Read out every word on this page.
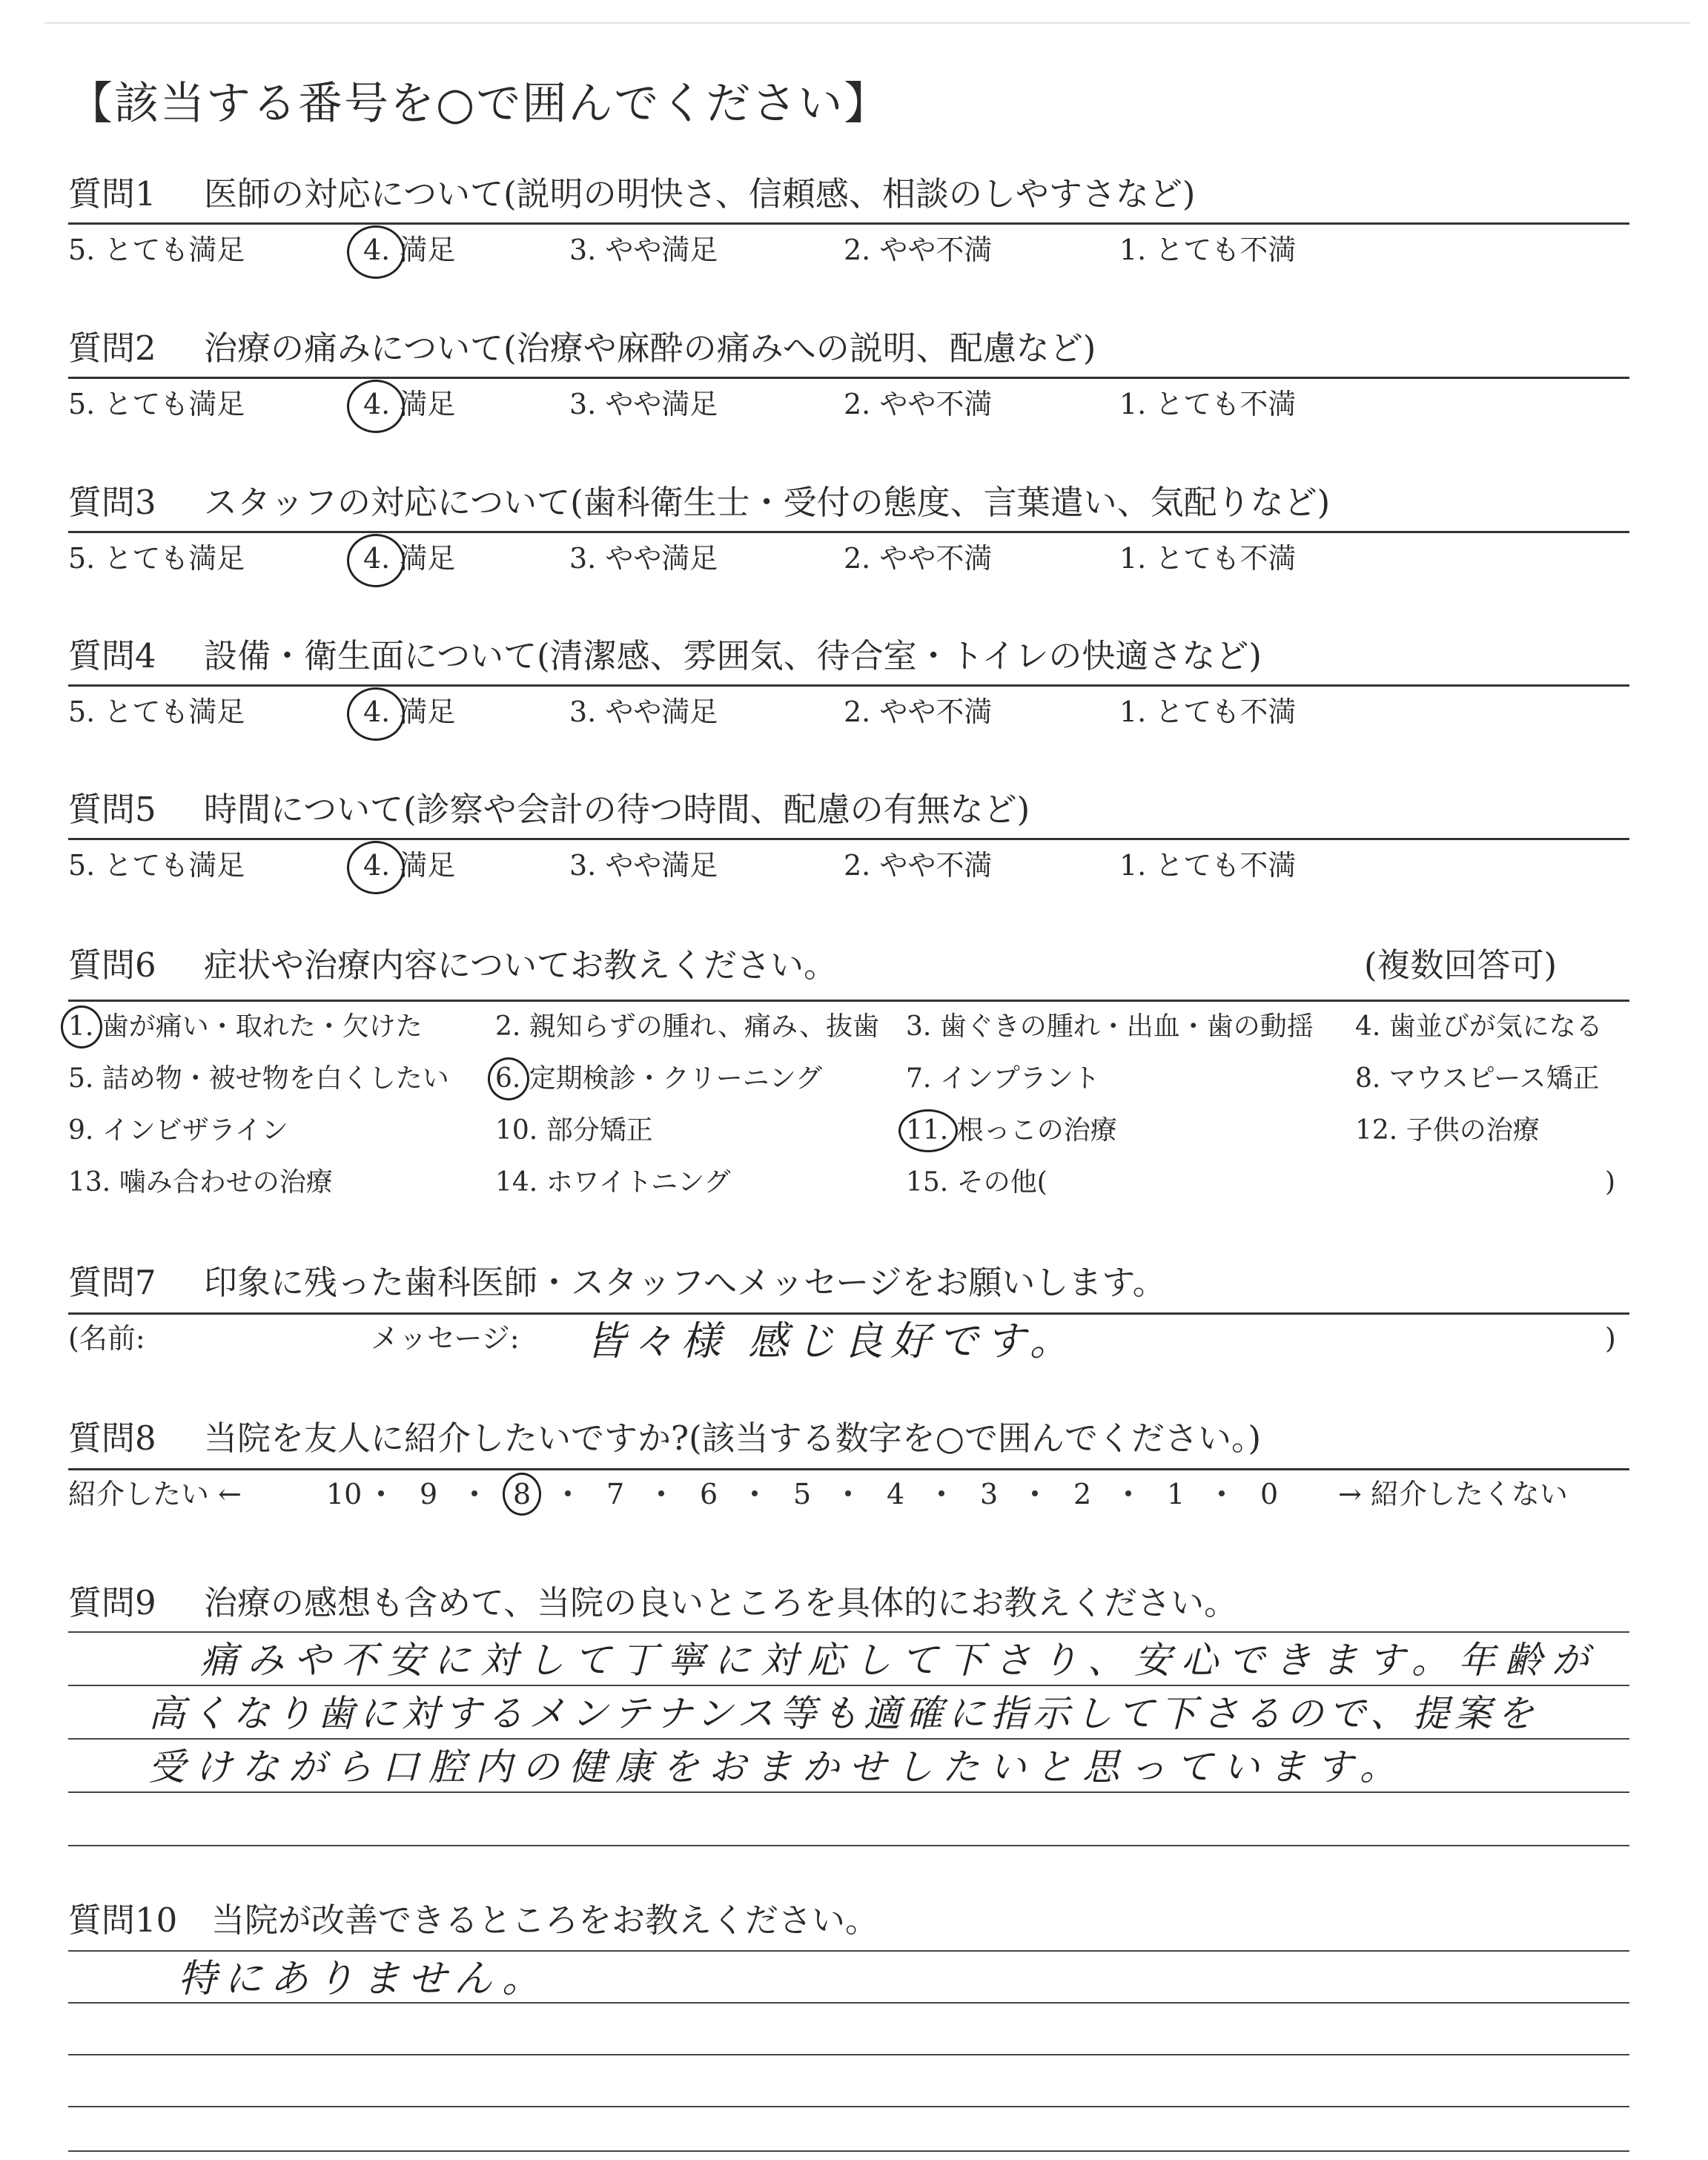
【該当する番号を○で囲んでください】
質問1 医師の対応について(説明の明快さ、信頼感、相談のしやすさなど)
5. とても満足	4. 満足	3. やや満足	2. やや不満	1. とても不満
質問2 治療の痛みについて(治療や麻酔の痛みへの説明、配慮など)
5. とても満足	4. 満足	3. やや満足	2. やや不満	1. とても不満
質問3 スタッフの対応について(歯科衛生士・受付の態度、言葉遣い、気配りなど)
5. とても満足	4. 満足	3. やや満足	2. やや不満	1. とても不満
質問4 設備・衛生面について(清潔感、雰囲気、待合室・トイレの快適さなど)
5. とても満足	4. 満足	3. やや満足	2. やや不満	1. とても不満
質問5 時間について(診察や会計の待つ時間、配慮の有無など)
5. とても満足	4. 満足	3. やや満足	2. やや不満	1. とても不満
質問6 症状や治療内容についてお教えください。	(複数回答可)
1. 歯が痛い・取れた・欠けた	2. 親知らずの腫れ、痛み、抜歯 3. 歯ぐきの腫れ・出血・歯の動揺 4. 歯並びが気になる
5. 詰め物・被せ物を白くしたい 6. 定期検診・クリーニング	7. インプラント	8. マウスピース矯正
9. インビザライン	10. 部分矯正	11. 根っこの治療	12. 子供の治療
13. 噛み合わせの治療	14. ホワイトニング	15. その他(	)
質問7 印象に残った歯科医師・スタッフへメッセージをお願いします。
(名前:	メッセージ: 皆々様 感じ良好です。	)
質問8 当院を友人に紹介したいですか?(該当する数字を○で囲んでください。)
紹介したい ←	→ 紹介したくない
10 9	8	7	6	5	4	3	2	1	0
質問9 治療の感想も含めて、当院の良いところを具体的にお教えください。
痛みや不安に対して丁寧に対応して下さり、安心できます。年齢が
高くなり歯に対するメンテナンス等も適確に指示して下さるので、提案を
受けながら口腔内の健康をおまかせしたいと思っています。
質問10 当院が改善できるところをお教えください。
特にありません。
